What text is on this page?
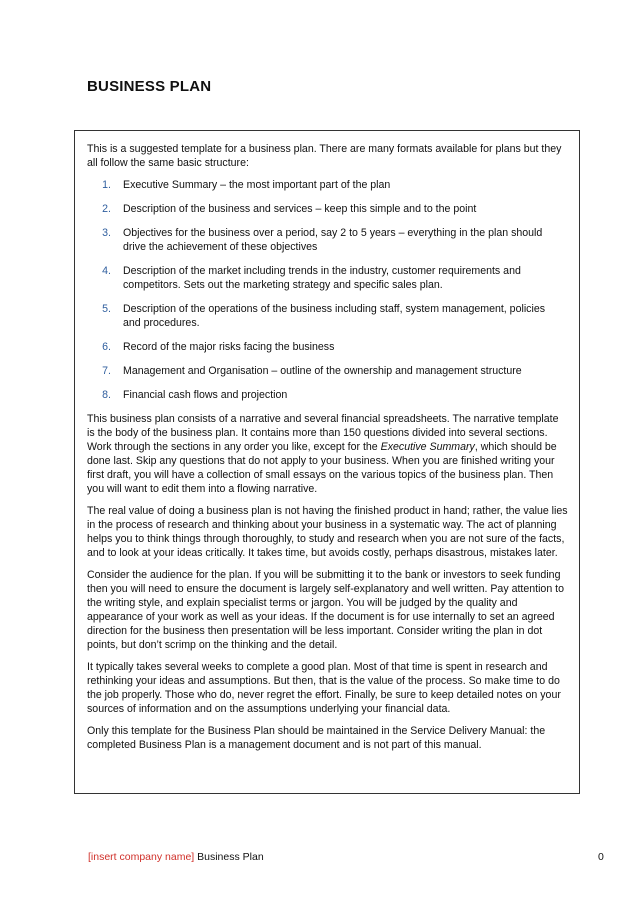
BUSINESS PLAN

This is a suggested template for a business plan. There are many formats available for plans but they all follow the same basic structure:

1.	Executive Summary – the most important part of the plan
2.	Description of the business and services – keep this simple and to the point
3.	Objectives for the business over a period, say 2 to 5 years – everything in the plan should drive the achievement of these objectives
4.	Description of the market including trends in the industry, customer requirements and competitors. Sets out the marketing strategy and specific sales plan.
5.	Description of the operations of the business including staff, system management, policies and procedures.
6.	Record of the major risks facing the business
7.	Management and Organisation – outline of the ownership and management structure
8.	Financial cash flows and projection

This business plan consists of a narrative and several financial spreadsheets. The narrative template is the body of the business plan. It contains more than 150 questions divided into several sections. Work through the sections in any order you like, except for the Executive Summary, which should be done last. Skip any questions that do not apply to your business. When you are finished writing your first draft, you will have a collection of small essays on the various topics of the business plan. Then you will want to edit them into a flowing narrative.

The real value of doing a business plan is not having the finished product in hand; rather, the value lies in the process of research and thinking about your business in a systematic way. The act of planning helps you to think things through thoroughly, to study and research when you are not sure of the facts, and to look at your ideas critically. It takes time, but avoids costly, perhaps disastrous, mistakes later.

Consider the audience for the plan. If you will be submitting it to the bank or investors to seek funding then you will need to ensure the document is largely self-explanatory and well written. Pay attention to the writing style, and explain specialist terms or jargon. You will be judged by the quality and appearance of your work as well as your ideas. If the document is for use internally to set an agreed direction for the business then presentation will be less important. Consider writing the plan in dot points, but don’t scrimp on the thinking and the detail.

It typically takes several weeks to complete a good plan. Most of that time is spent in research and rethinking your ideas and assumptions. But then, that is the value of the process. So make time to do the job properly. Those who do, never regret the effort. Finally, be sure to keep detailed notes on your sources of information and on the assumptions underlying your financial data.

Only this template for the Business Plan should be maintained in the Service Delivery Manual: the completed Business Plan is a management document and is not part of this manual.

[insert company name] Business Plan	0
